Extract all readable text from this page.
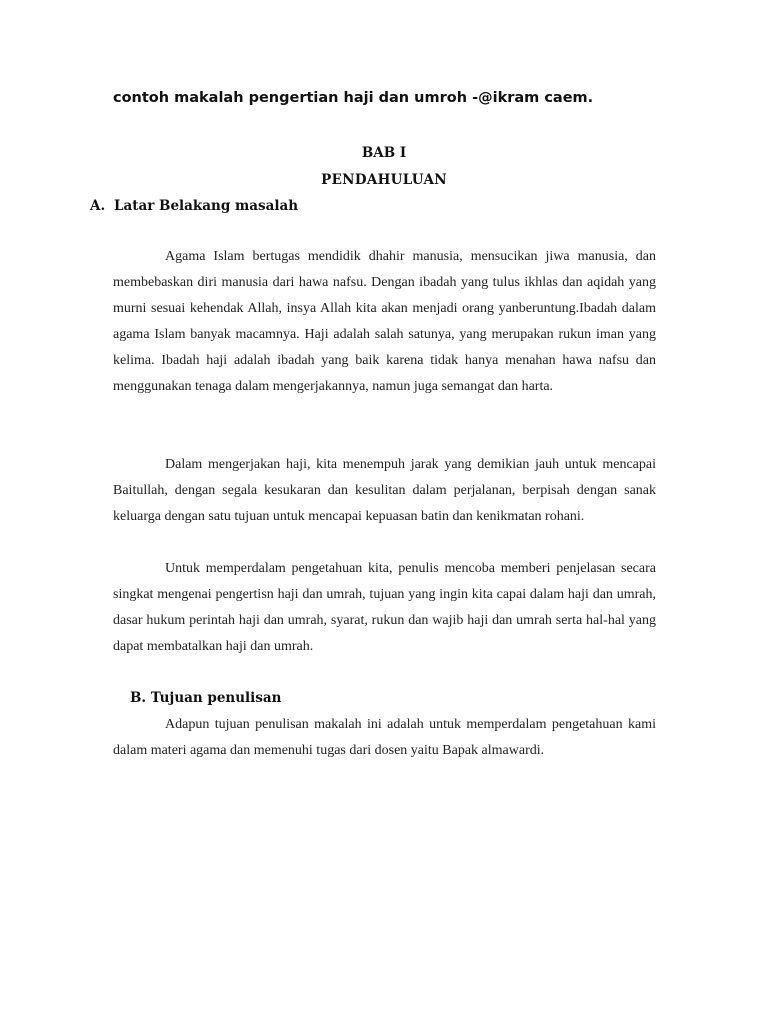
contoh makalah pengertian haji dan umroh -@ikram caem.
BAB I
PENDAHULUAN
A. Latar Belakang masalah

Agama Islam bertugas mendidik dhahir manusia, mensucikan jiwa manusia, dan membebaskan diri manusia dari hawa nafsu. Dengan ibadah yang tulus ikhlas dan aqidah yang murni sesuai kehendak Allah, insya Allah kita akan menjadi orang yanberuntung.Ibadah dalam agama Islam banyak macamnya. Haji adalah salah satunya, yang merupakan rukun iman yang kelima. Ibadah haji adalah ibadah yang baik karena tidak hanya menahan hawa nafsu dan menggunakan tenaga dalam mengerjakannya, namun juga semangat dan harta.

Dalam mengerjakan haji, kita menempuh jarak yang demikian jauh untuk mencapai Baitullah, dengan segala kesukaran dan kesulitan dalam perjalanan, berpisah dengan sanak keluarga dengan satu tujuan untuk mencapai kepuasan batin dan kenikmatan rohani.

Untuk memperdalam pengetahuan kita, penulis mencoba memberi penjelasan secara singkat mengenai pengertisn haji dan umrah, tujuan yang ingin kita capai dalam haji dan umrah, dasar hukum perintah haji dan umrah, syarat, rukun dan wajib haji dan umrah serta hal-hal yang dapat membatalkan haji dan umrah.

B. Tujuan penulisan

Adapun tujuan penulisan makalah ini adalah untuk memperdalam pengetahuan kami dalam materi agama dan memenuhi tugas dari dosen yaitu Bapak almawardi.
